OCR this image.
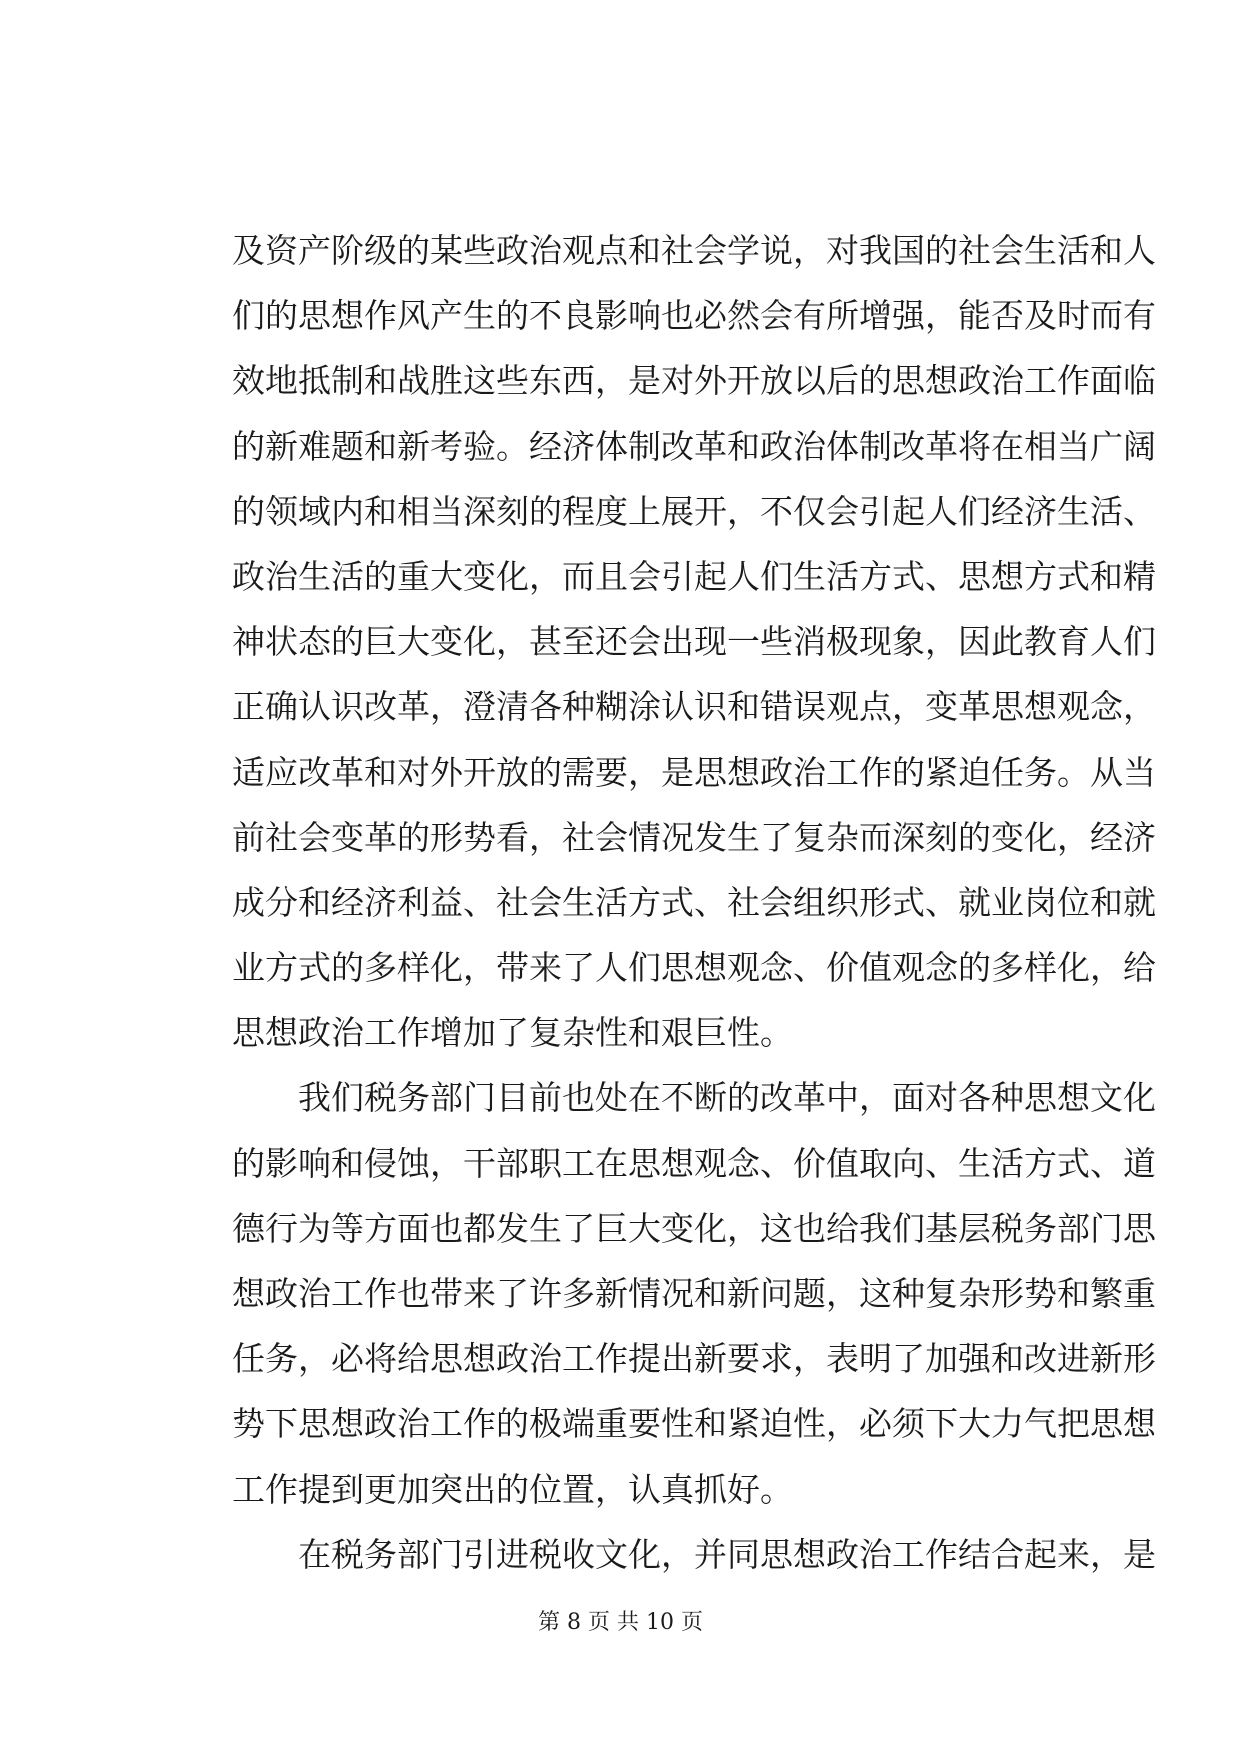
及资产阶级的某些政治观点和社会学说，对我国的社会生活和人
们的思想作风产生的不良影响也必然会有所增强，能否及时而有
效地抵制和战胜这些东西，是对外开放以后的思想政治工作面临
的新难题和新考验。经济体制改革和政治体制改革将在相当广阔
的领域内和相当深刻的程度上展开，不仅会引起人们经济生活、
政治生活的重大变化，而且会引起人们生活方式、思想方式和精
神状态的巨大变化，甚至还会出现一些消极现象，因此教育人们
正确认识改革，澄清各种糊涂认识和错误观点，变革思想观念，
适应改革和对外开放的需要，是思想政治工作的紧迫任务。从当
前社会变革的形势看，社会情况发生了复杂而深刻的变化，经济
成分和经济利益、社会生活方式、社会组织形式、就业岗位和就
业方式的多样化，带来了人们思想观念、价值观念的多样化，给
思想政治工作增加了复杂性和艰巨性。
　　我们税务部门目前也处在不断的改革中，面对各种思想文化
的影响和侵蚀，干部职工在思想观念、价值取向、生活方式、道
德行为等方面也都发生了巨大变化，这也给我们基层税务部门思
想政治工作也带来了许多新情况和新问题，这种复杂形势和繁重
任务，必将给思想政治工作提出新要求，表明了加强和改进新形
势下思想政治工作的极端重要性和紧迫性，必须下大力气把思想
工作提到更加突出的位置，认真抓好。
　　在税务部门引进税收文化，并同思想政治工作结合起来，是
第 8 页 共 10 页
